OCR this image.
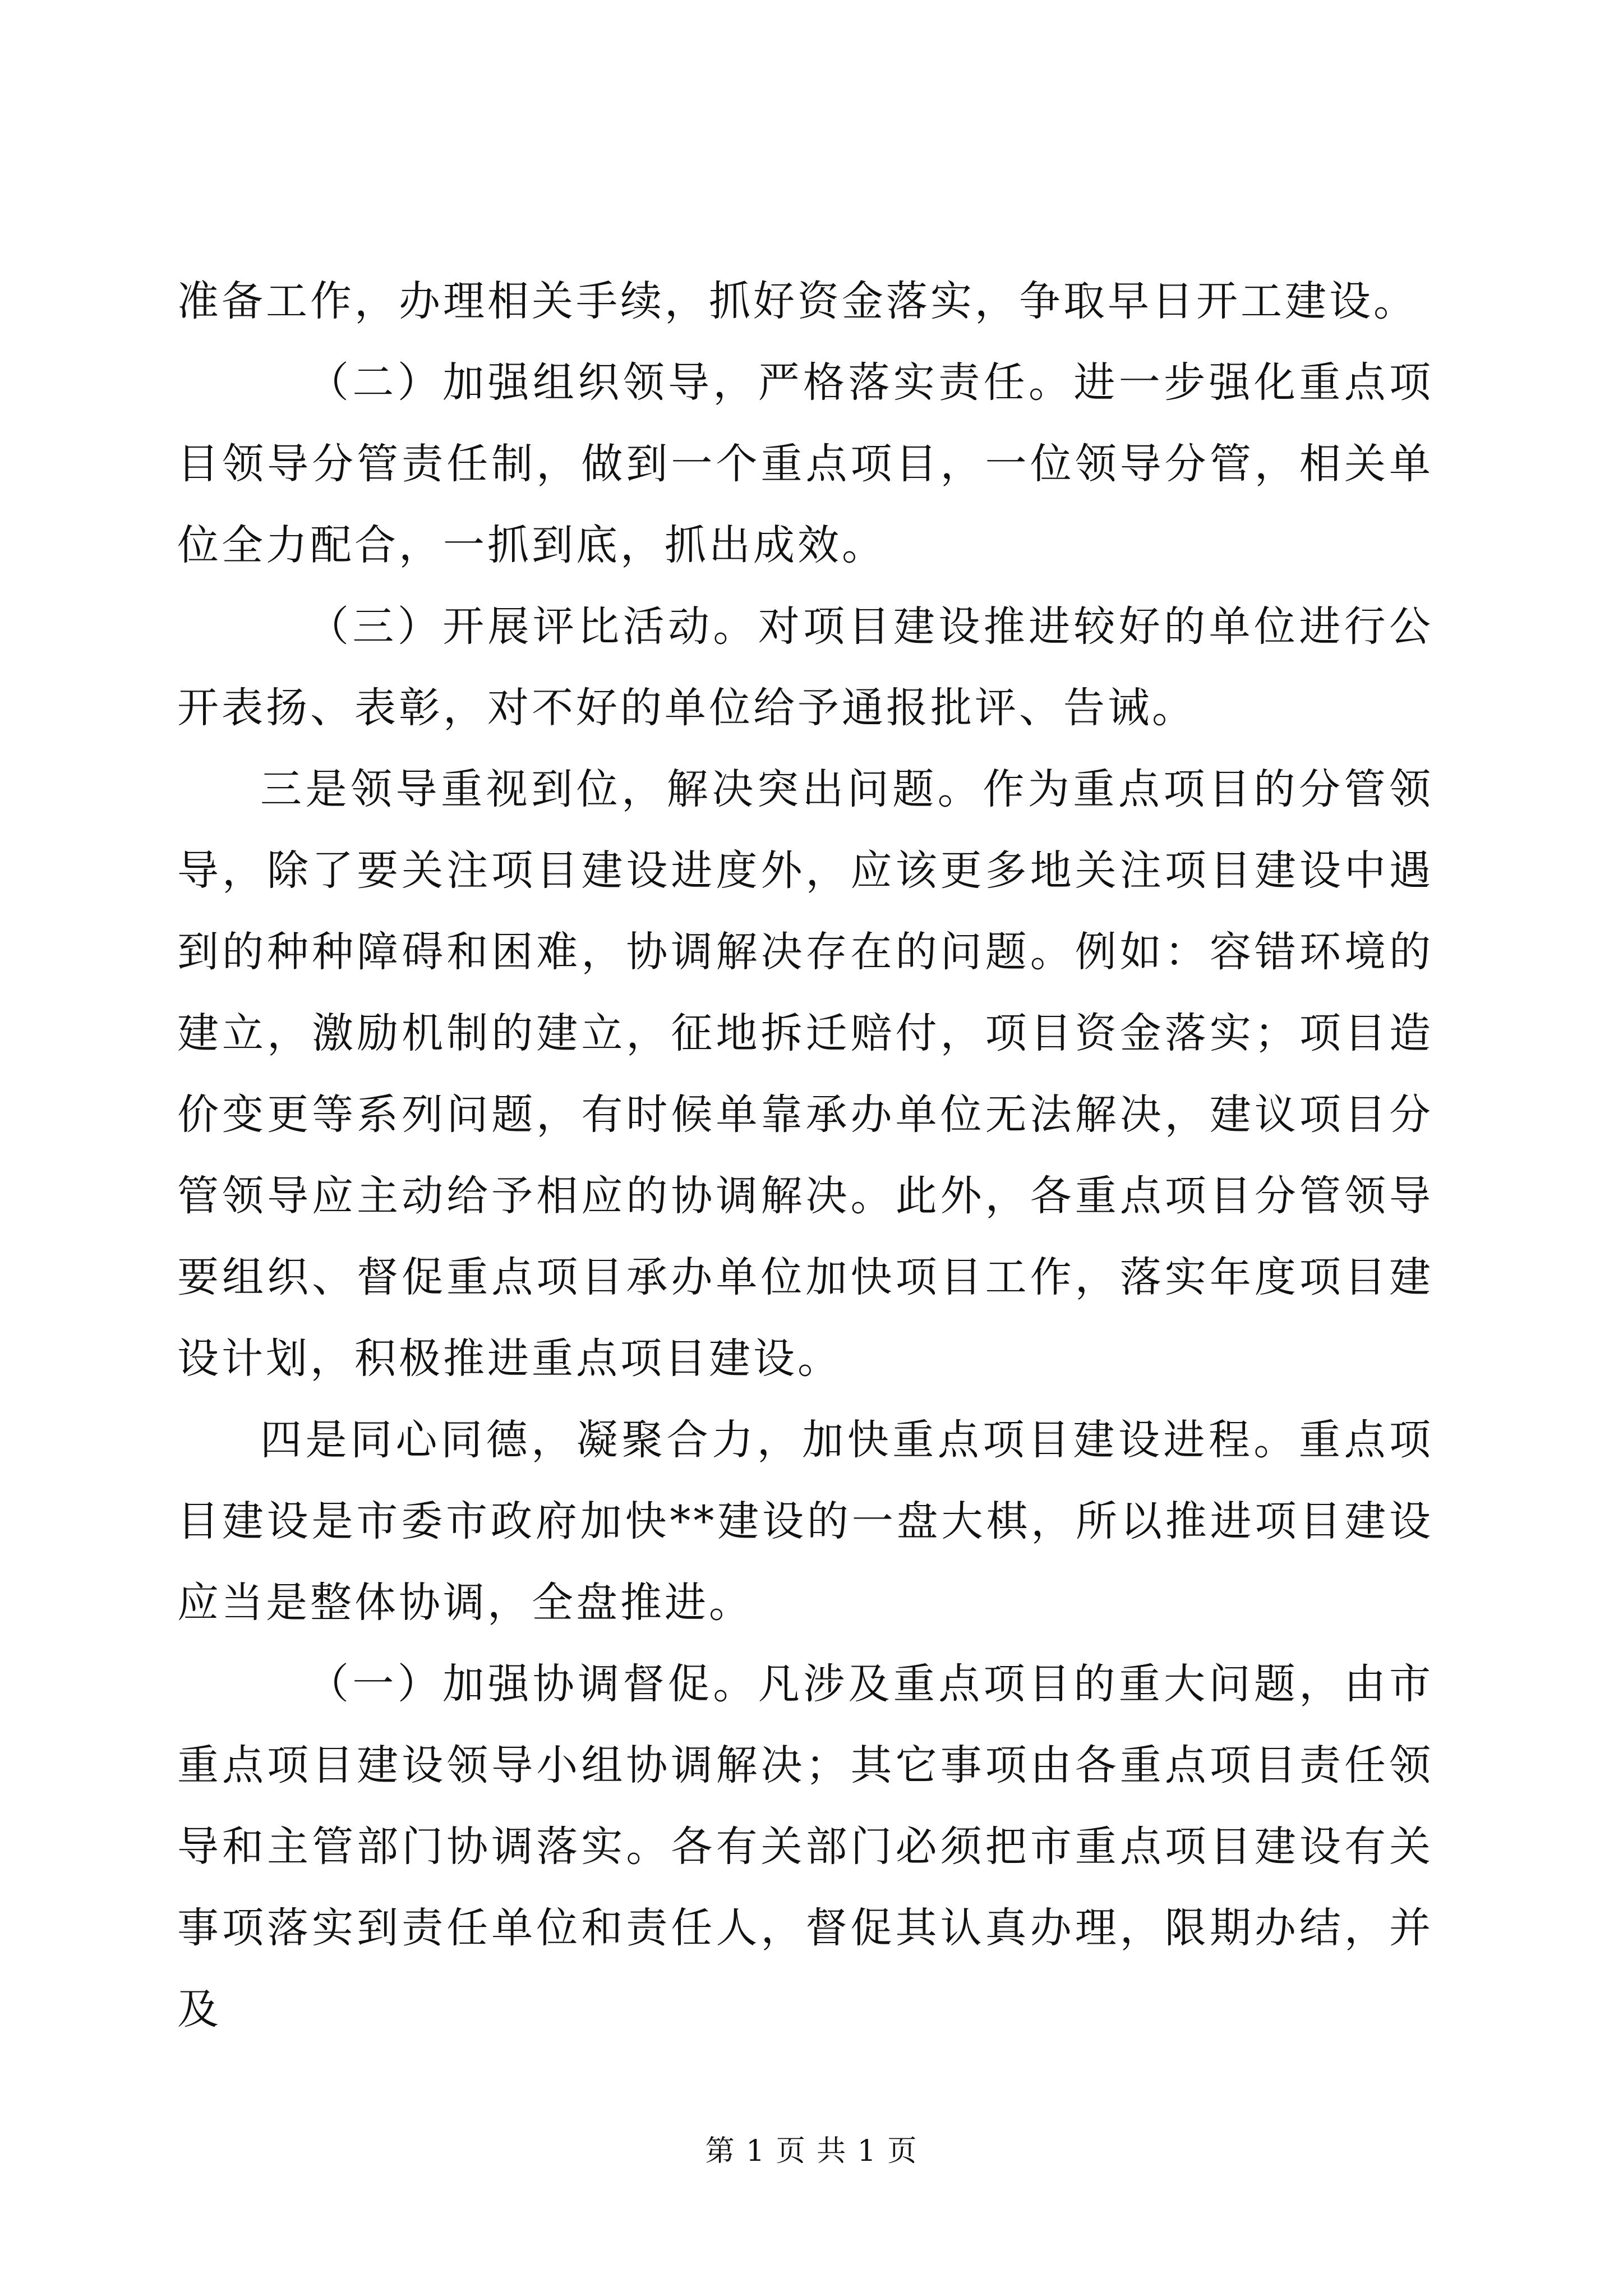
准备工作，办理相关手续，抓好资金落实，争取早日开工建设。

（二）加强组织领导，严格落实责任。进一步强化重点项目领导分管责任制，做到一个重点项目，一位领导分管，相关单位全力配合，一抓到底，抓出成效。

（三）开展评比活动。对项目建设推进较好的单位进行公开表扬、表彰，对不好的单位给予通报批评、告诫。

三是领导重视到位，解决突出问题。作为重点项目的分管领导，除了要关注项目建设进度外，应该更多地关注项目建设中遇到的种种障碍和困难，协调解决存在的问题。例如：容错环境的建立，激励机制的建立，征地拆迁赔付，项目资金落实；项目造价变更等系列问题，有时候单靠承办单位无法解决，建议项目分管领导应主动给予相应的协调解决。此外，各重点项目分管领导要组织、督促重点项目承办单位加快项目工作，落实年度项目建设计划，积极推进重点项目建设。

四是同心同德，凝聚合力，加快重点项目建设进程。重点项目建设是市委市政府加快**建设的一盘大棋，所以推进项目建设应当是整体协调，全盘推进。

（一）加强协调督促。凡涉及重点项目的重大问题，由市重点项目建设领导小组协调解决；其它事项由各重点项目责任领导和主管部门协调落实。各有关部门必须把市重点项目建设有关事项落实到责任单位和责任人，督促其认真办理，限期办结，并及

第 1 页 共 1 页
